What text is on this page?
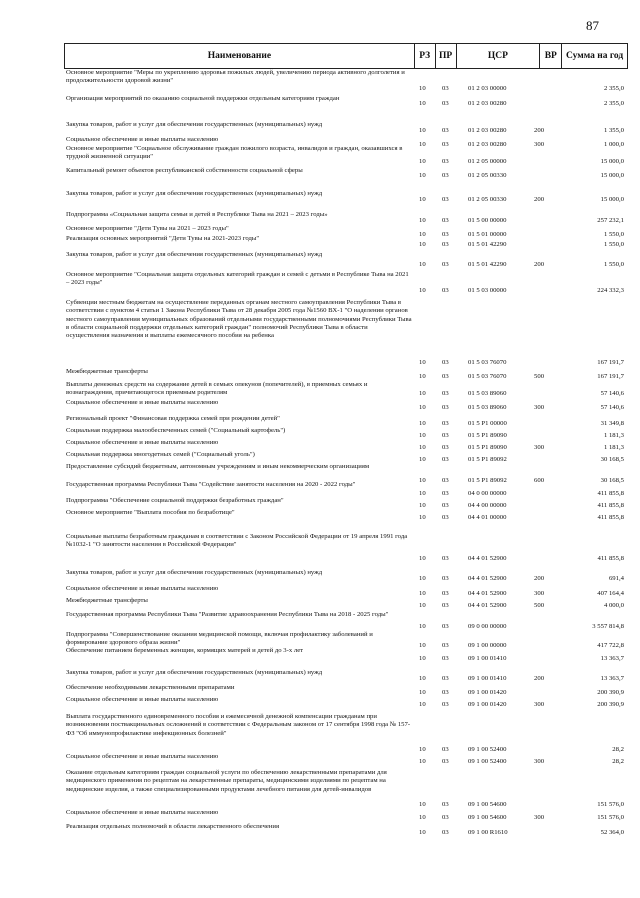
87
Наименование	РЗ ПР	ЦСР	ВР Сумма на год
Основное мероприятие "Меры по укреплению здоровья пожилых людей, увеличению периода активного долголетия и продолжительности здоровой жизни"
10 03	01 2 03 00000	2 355,0
Организация мероприятий по оказанию социальной поддержки отдельным категориям граждан
10 03	01 2 03 00280	2 355,0
Закупка товаров, работ и услуг для обеспечения государственных (муниципальных) нужд
10 03	01 2 03 00280	200	1 355,0
Социальное обеспечение и иные выплаты населению
10 03	01 2 03 00280	300	1 000,0
Основное мероприятие "Социальное обслуживание граждан пожилого возраста, инвалидов и граждан, оказавшихся в трудной жизненной ситуации"
10 03	01 2 05 00000	15 000,0
Капитальный ремонт объектов республиканской собственности социальной сферы
10 03	01 2 05 00330	15 000,0
Закупка товаров, работ и услуг для обеспечения государственных (муниципальных) нужд
10 03	01 2 05 00330	200	15 000,0
Подпрограмма «Социальная защита семьи и детей в Республике Тыва на 2021 – 2023 годы»
10 03	01 5 00 00000	257 232,1
Основное мероприятие "Дети Тувы на 2021 – 2023 годы"
10 03	01 5 01 00000	1 550,0
Реализация основных мероприятий "Дети Тувы на 2021-2023 годы"
10 03	01 5 01 42290	1 550,0
Закупка товаров, работ и услуг для обеспечения государственных (муниципальных) нужд
10 03	01 5 01 42290	200	1 550,0
Основное мероприятие "Социальная защита отдельных категорий граждан и семей с детьми в Республике Тыва на 2021 – 2023 годы"
10 03	01 5 03 00000	224 332,3
Субвенции местным бюджетам на осуществление переданных органам местного самоуправления Республики Тыва в соответствии с пунктом 4 статьи 1 Закона Республики Тыва от 28 декабря 2005 года №1560 ВХ-1 "О наделении органов местного самоуправления муниципальных образований отдельными государственными полномочиями Республики Тыва в области социальной поддержки отдельных категорий граждан" полномочий Республики Тыва в области осуществления назначения и выплаты ежемесячного пособия на ребенка
10 03	01 5 03 76070	167 191,7
Межбюджетные трансферты
10 03	01 5 03 76070	500	167 191,7
Выплаты денежных средств на содержание детей в семьях опекунов (попечителей), в приемных семьях и вознаграждения, причитающегося приемным родителям	10 03	01 5 03 89060	57 140,6
Социальное обеспечение и иные выплаты населению
10 03	01 5 03 89060	300	57 140,6
Региональный проект "Финансовая поддержка семей при рождении детей"
10 03	01 5 P1 00000	31 349,8
Социальная поддержка малообеспеченных семей ("Социальный картофель")
10 03	01 5 P1 89090	1 181,3
Социальное обеспечение и иные выплаты населению
10 03	01 5 P1 89090	300	1 181,3
Социальная поддержка многодетных семей ("Социальный уголь")
10 03	01 5 P1 89092	30 168,5
Предоставление субсидий бюджетным, автономным учреждениям и иным некоммерческим организациям
10 03	01 5 P1 89092	600	30 168,5
Государственная программа Республики Тыва "Содействие занятости населения на 2020 - 2022 годы"
10 03	04 0 00 00000	411 855,8
Подпрограмма "Обеспечение социальной поддержки безработных граждан"
10 03	04 4 00 00000	411 855,8
Основное мероприятие "Выплата пособия по безработице"
10 03	04 4 01 00000	411 855,8
Социальные выплаты безработным гражданам в соответствии с Законом Российской Федерации от 19 апреля 1991 года №1032-1 "О занятости населения в Российской Федерации"
10 03	04 4 01 52900	411 855,8
Закупка товаров, работ и услуг для обеспечения государственных (муниципальных) нужд
10 03	04 4 01 52900	200	691,4
Социальное обеспечение и иные выплаты населению
10 03	04 4 01 52900	300	407 164,4
Межбюджетные трансферты
10 03	04 4 01 52900	500	4 000,0
Государственная программа Республики Тыва "Развитие здравоохранения Республики Тыва на 2018 - 2025 годы"
10 03	09 0 00 00000	3 557 814,8
Подпрограмма "Совершенствование оказания медицинской помощи, включая профилактику заболеваний и формирование здорового образа жизни"	10 03	09 1 00 00000	417 722,8
Обеспечение питанием беременных женщин, кормящих матерей и детей до 3-х лет
10 03	09 1 00 01410	13 363,7
Закупка товаров, работ и услуг для обеспечения государственных (муниципальных) нужд
10 03	09 1 00 01410	200	13 363,7
Обеспечение необходимыми лекарственными препаратами
10 03	09 1 00 01420	200 390,9
Социальное обеспечение и иные выплаты населению
10 03	09 1 00 01420	300	200 390,9
Выплата государственного единовременного пособия и ежемесячной денежной компенсации гражданам при возникновении поствакцинальных осложнений в соответствии с Федеральным законом от 17 сентября 1998 года № 157-ФЗ "Об иммунопрофилактике инфекционных болезней"
10 03	09 1 00 52400	28,2
Социальное обеспечение и иные выплаты населению
10 03	09 1 00 52400	300	28,2
Оказание отдельным категориям граждан социальной услуги по обеспечению лекарственными препаратами для медицинского применения по рецептам на лекарственные препараты, медицинскими изделиями по рецептам на медицинские изделия, а также специализированными продуктами лечебного питания для детей-инвалидов
10 03	09 1 00 54600	151 576,0
Социальное обеспечение и иные выплаты населению
10 03	09 1 00 54600	300	151 576,0
Реализация отдельных полномочий в области лекарственного обеспечения
10 03	09 1 00 R1610	52 364,0
